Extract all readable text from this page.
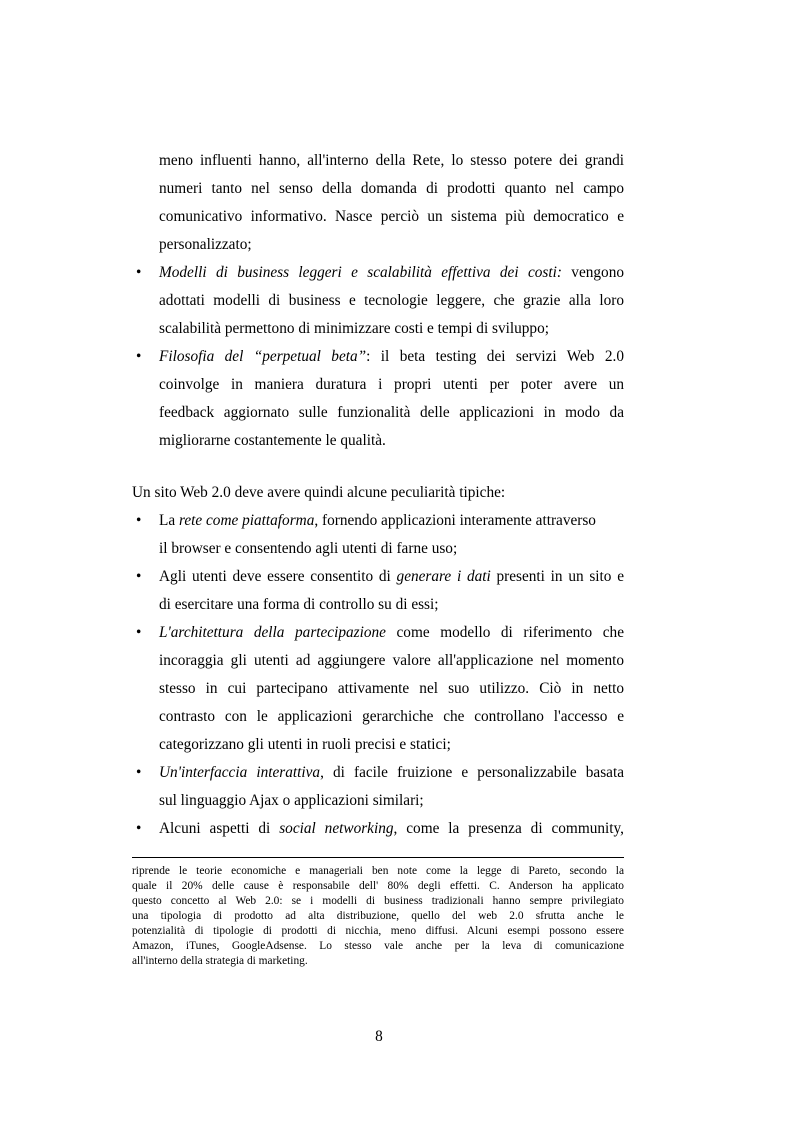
meno influenti hanno, all'interno della Rete, lo stesso potere dei grandi
numeri tanto nel senso della domanda di prodotti quanto nel campo
comunicativo informativo. Nasce perciò un sistema più democratico e
personalizzato;
• Modelli di business leggeri e scalabilità effettiva dei costi: vengono
adottati modelli di business e tecnologie leggere, che grazie alla loro
scalabilità permettono di minimizzare costi e tempi di sviluppo;
• Filosofia del “perpetual beta”: il beta testing dei servizi Web 2.0
coinvolge in maniera duratura i propri utenti per poter avere un
feedback aggiornato sulle funzionalità delle applicazioni in modo da
migliorarne costantemente le qualità.
Un sito Web 2.0 deve avere quindi alcune peculiarità tipiche:
• La rete come piattaforma, fornendo applicazioni interamente attraverso
il browser e consentendo agli utenti di farne uso;
• Agli utenti deve essere consentito di generare i dati presenti in un sito e
di esercitare una forma di controllo su di essi;
• L'architettura della partecipazione come modello di riferimento che
incoraggia gli utenti ad aggiungere valore all'applicazione nel momento
stesso in cui partecipano attivamente nel suo utilizzo. Ciò in netto
contrasto con le applicazioni gerarchiche che controllano l'accesso e
categorizzano gli utenti in ruoli precisi e statici;
• Un'interfaccia interattiva, di facile fruizione e personalizzabile basata
sul linguaggio Ajax o applicazioni similari;
• Alcuni aspetti di social networking, come la presenza di community,
riprende le teorie economiche e manageriali ben note come la legge di Pareto, secondo la
quale il 20% delle cause è responsabile dell' 80% degli effetti. C. Anderson ha applicato
questo concetto al Web 2.0: se i modelli di business tradizionali hanno sempre privilegiato
una tipologia di prodotto ad alta distribuzione, quello del web 2.0 sfrutta anche le
potenzialità di tipologie di prodotti di nicchia, meno diffusi. Alcuni esempi possono essere
Amazon, iTunes, GoogleAdsense. Lo stesso vale anche per la leva di comunicazione
all'interno della strategia di marketing.
8
